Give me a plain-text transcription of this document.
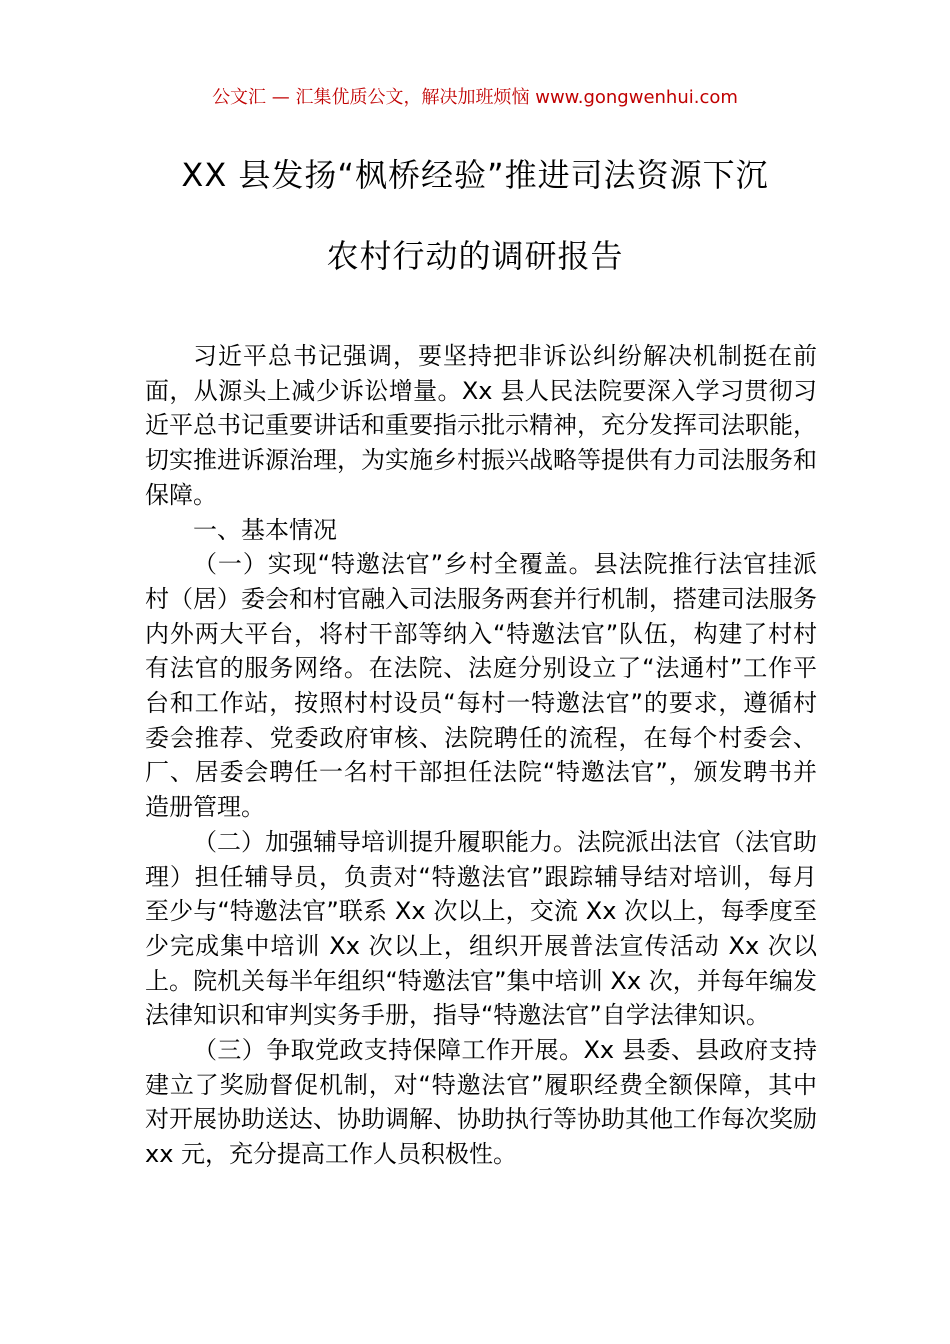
公文汇 — 汇集优质公文，解决加班烦恼 www.gongwenhui.com
XX 县发扬“枫桥经验”推进司法资源下沉
农村行动的调研报告

习近平总书记强调，要坚持把非诉讼纠纷解决机制挺在前面，从源头上减少诉讼增量。Xx 县人民法院要深入学习贯彻习近平总书记重要讲话和重要指示批示精神，充分发挥司法职能，切实推进诉源治理，为实施乡村振兴战略等提供有力司法服务和保障。

一、基本情况

（一）实现“特邀法官”乡村全覆盖。县法院推行法官挂派村（居）委会和村官融入司法服务两套并行机制，搭建司法服务内外两大平台，将村干部等纳入“特邀法官”队伍，构建了村村有法官的服务网络。在法院、法庭分别设立了“法通村”工作平台和工作站，按照村村设员“每村一特邀法官”的要求，遵循村委会推荐、党委政府审核、法院聘任的流程，在每个村委会、厂、居委会聘任一名村干部担任法院“特邀法官”，颁发聘书并造册管理。

（二）加强辅导培训提升履职能力。法院派出法官（法官助理）担任辅导员，负责对“特邀法官”跟踪辅导结对培训，每月至少与“特邀法官”联系 Xx 次以上，交流 Xx 次以上，每季度至少完成集中培训 Xx 次以上，组织开展普法宣传活动 Xx 次以上。院机关每半年组织“特邀法官”集中培训 Xx 次，并每年编发法律知识和审判实务手册，指导“特邀法官”自学法律知识。

（三）争取党政支持保障工作开展。Xx 县委、县政府支持建立了奖励督促机制，对“特邀法官”履职经费全额保障，其中对开展协助送达、协助调解、协助执行等协助其他工作每次奖励 xx 元，充分提高工作人员积极性。
